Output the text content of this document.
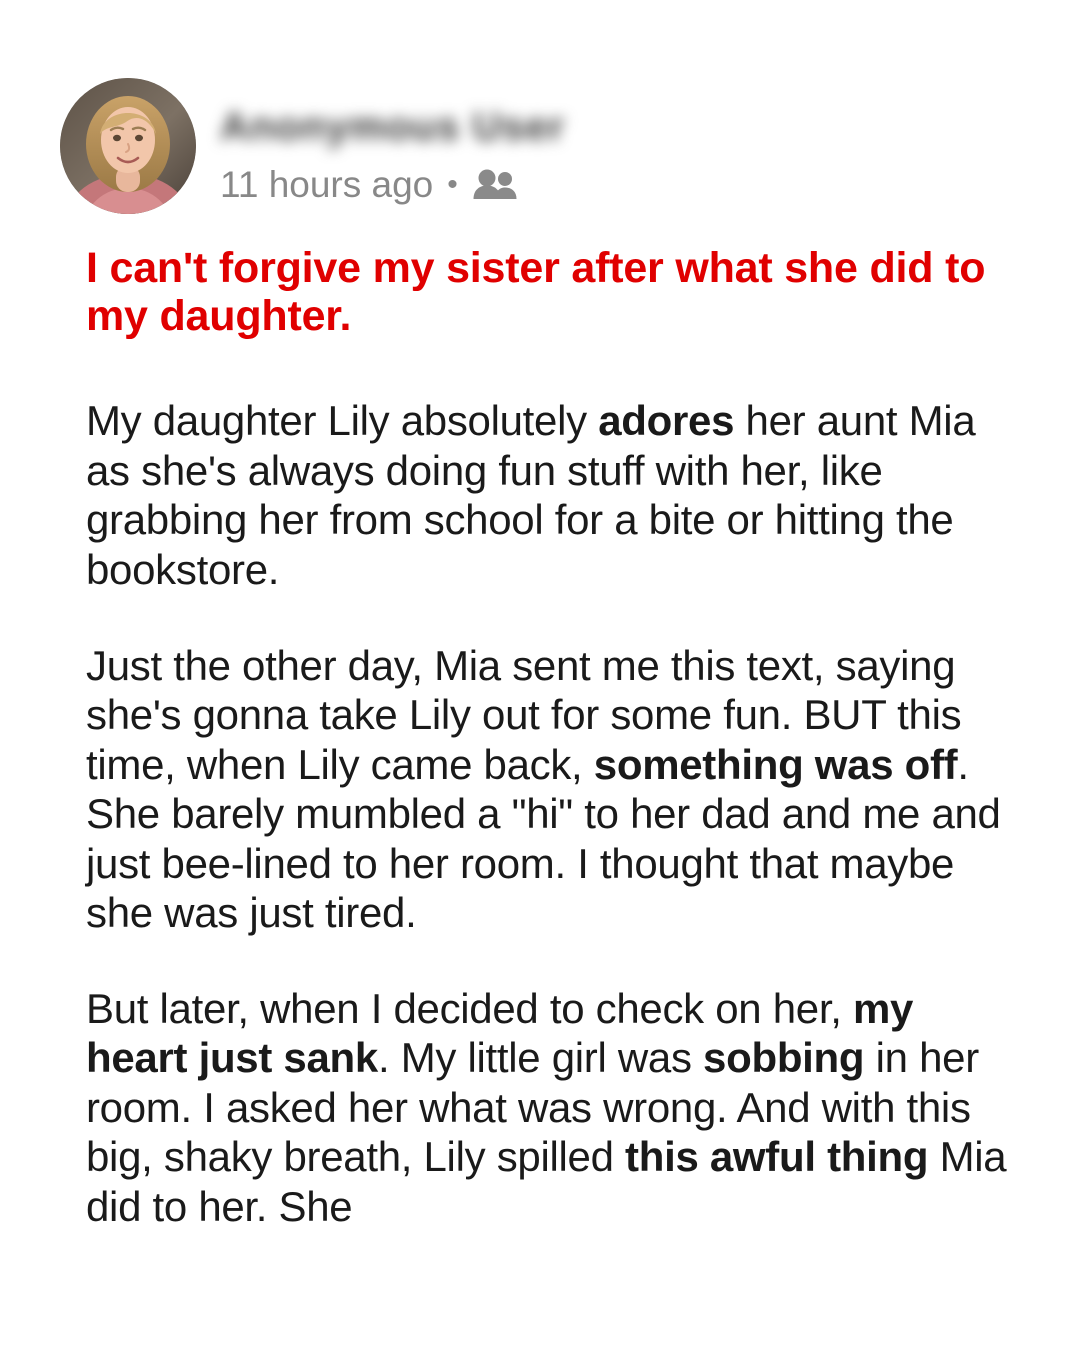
Anonymous User
11 hours ago •
I can't forgive my sister after what she did to my daughter.

My daughter Lily absolutely adores her aunt Mia as she's always doing fun stuff with her, like grabbing her from school for a bite or hitting the bookstore.

Just the other day, Mia sent me this text, saying she's gonna take Lily out for some fun. BUT this time, when Lily came back, something was off. She barely mumbled a "hi" to her dad and me and just bee-lined to her room. I thought that maybe she was just tired.

But later, when I decided to check on her, my heart just sank. My little girl was sobbing in her room. I asked her what was wrong. And with this big, shaky breath, Lily spilled this awful thing Mia did to her. She
